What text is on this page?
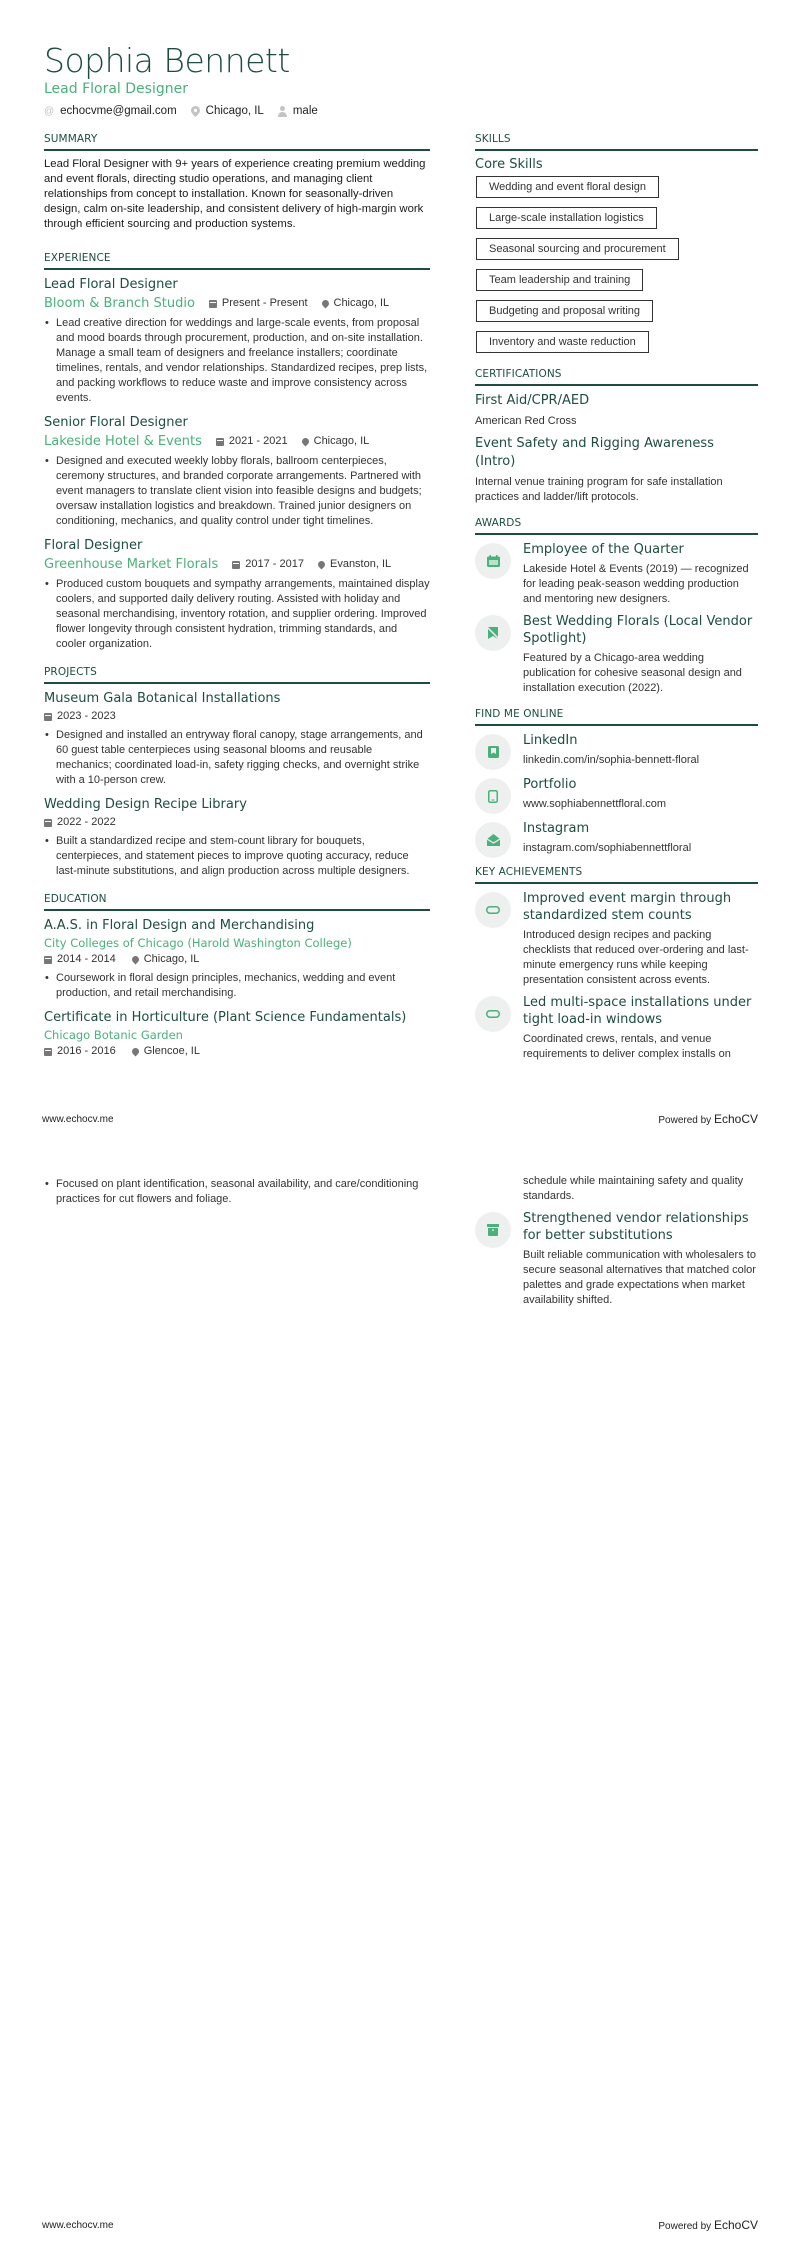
Sophia Bennett
Lead Floral Designer
@ echocvme@gmail.com	Chicago, IL	male
SUMMARY
Lead Floral Designer with 9+ years of experience creating premium wedding and event florals, directing studio operations, and managing client relationships from concept to installation. Known for seasonally-driven design, calm on-site leadership, and consistent delivery of high-margin work through efficient sourcing and production systems.
EXPERIENCE
Lead Floral Designer
Bloom & Branch Studio Present - Present Chicago, IL
• Lead creative direction for weddings and large-scale events, from proposal and mood boards through procurement, production, and on-site installation. Manage a small team of designers and freelance installers; coordinate timelines, rentals, and vendor relationships. Standardized recipes, prep lists, and packing workflows to reduce waste and improve consistency across events.
Senior Floral Designer
Lakeside Hotel & Events 2021 - 2021 Chicago, IL
• Designed and executed weekly lobby florals, ballroom centerpieces, ceremony structures, and branded corporate arrangements. Partnered with event managers to translate client vision into feasible designs and budgets; oversaw installation logistics and breakdown. Trained junior designers on conditioning, mechanics, and quality control under tight timelines.
Floral Designer
Greenhouse Market Florals 2017 - 2017 Evanston, IL
• Produced custom bouquets and sympathy arrangements, maintained display coolers, and supported daily delivery routing. Assisted with holiday and seasonal merchandising, inventory rotation, and supplier ordering. Improved flower longevity through consistent hydration, trimming standards, and cooler organization.
PROJECTS
Museum Gala Botanical Installations
2023 - 2023
• Designed and installed an entryway floral canopy, stage arrangements, and 60 guest table centerpieces using seasonal blooms and reusable mechanics; coordinated load-in, safety rigging checks, and overnight strike with a 10-person crew.
Wedding Design Recipe Library
2022 - 2022
• Built a standardized recipe and stem-count library for bouquets, centerpieces, and statement pieces to improve quoting accuracy, reduce last-minute substitutions, and align production across multiple designers.
EDUCATION
A.A.S. in Floral Design and Merchandising
City Colleges of Chicago (Harold Washington College)
2014 - 2014	Chicago, IL
• Coursework in floral design principles, mechanics, wedding and event production, and retail merchandising.
Certificate in Horticulture (Plant Science Fundamentals)
Chicago Botanic Garden
2016 - 2016	Glencoe, IL
SKILLS
Core Skills
Wedding and event floral design
Large-scale installation logistics
Seasonal sourcing and procurement
Team leadership and training
Budgeting and proposal writing
Inventory and waste reduction
CERTIFICATIONS
First Aid/CPR/AED
American Red Cross
Event Safety and Rigging Awareness (Intro)
Internal venue training program for safe installation practices and ladder/lift protocols.
AWARDS
Employee of the Quarter
Lakeside Hotel & Events (2019) — recognized for leading peak-season wedding production and mentoring new designers.
Best Wedding Florals (Local Vendor Spotlight)
Featured by a Chicago-area wedding publication for cohesive seasonal design and installation execution (2022).
FIND ME ONLINE
LinkedIn
linkedin.com/in/sophia-bennett-floral
Portfolio
www.sophiabennettfloral.com
Instagram
instagram.com/sophiabennettfloral
KEY ACHIEVEMENTS
Improved event margin through standardized stem counts
Introduced design recipes and packing checklists that reduced over-ordering and last-minute emergency runs while keeping presentation consistent across events.
Led multi-space installations under tight load-in windows
Coordinated crews, rentals, and venue requirements to deliver complex installs on
www.echocv.me	Powered by EchoCV
• Focused on plant identification, seasonal availability, and care/conditioning practices for cut flowers and foliage.
schedule while maintaining safety and quality standards.
Strengthened vendor relationships for better substitutions
Built reliable communication with wholesalers to secure seasonal alternatives that matched color palettes and grade expectations when market availability shifted.
www.echocv.me	Powered by EchoCV
